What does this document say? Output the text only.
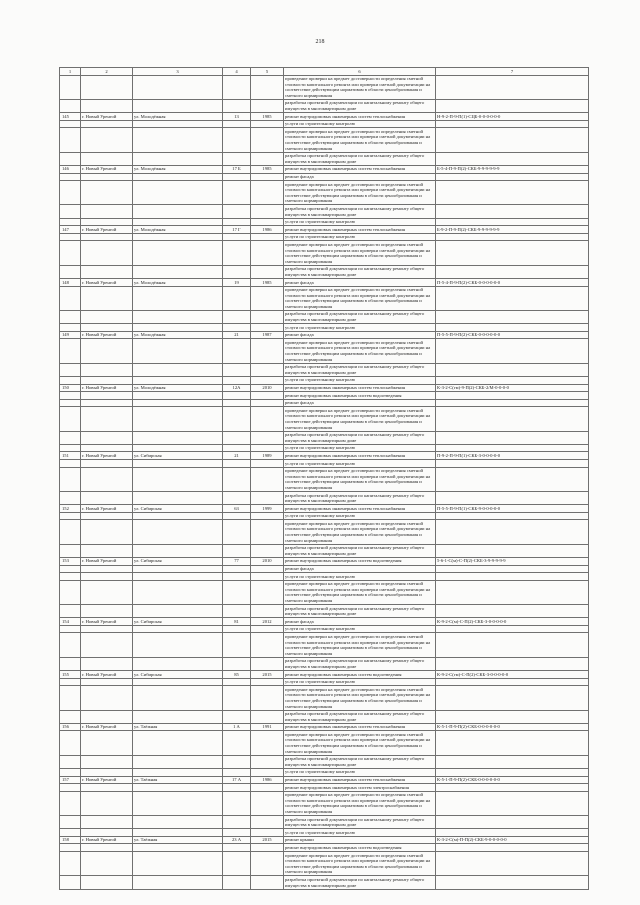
218
1	2	3	4	5	6	7
					проведение проверки на предмет достоверности определения сметной стоимости капитального ремонта или проверки сметной документации на соответствие действующим нормативам в области ценообразования и сметного нормирования	
					разработка проектной документации по капитальному ремонту общего имущества в многоквартирном доме	
145	г. Новый Уренгой	ул. Молодёжная	13	1985	ремонт внутридомовых инженерных систем теплоснабжения	Н-9-2-П-9-П(1)-СЦБ-0-0-0-0-0-0
					услуги по строительному контролю	
					проведение проверки на предмет достоверности определения сметной стоимости капитального ремонта или проверки сметной документации на соответствие действующим нормативам в области ценообразования и сметного нормирования	
					разработка проектной документации по капитальному ремонту общего имущества в многоквартирном доме	
146	г. Новый Уренгой	ул. Молодёжная	17 Б	1985	ремонт внутридомовых инженерных систем теплоснабжения	Б-5-4-П-9-П(2)-СКБ-9-9-9-9-9-9
					ремонт фасада	
					проведение проверки на предмет достоверности определения сметной стоимости капитального ремонта или проверки сметной документации на соответствие действующим нормативам в области ценообразования и сметного нормирования	
					разработка проектной документации по капитальному ремонту общего имущества в многоквартирном доме	
					услуги по строительному контролю	
147	г. Новый Уренгой	ул. Молодёжная	17 Г	1986	ремонт внутридомовых инженерных систем теплоснабжения	Б-9-2-П-9-П(2)-СКБ-9-9-9-9-9-9
					услуги по строительному контролю	
					проведение проверки на предмет достоверности определения сметной стоимости капитального ремонта или проверки сметной документации на соответствие действующим нормативам в области ценообразования и сметного нормирования	
					разработка проектной документации по капитальному ремонту общего имущества в многоквартирном доме	
148	г. Новый Уренгой	ул. Молодёжная	19	1985	ремонт фасада	П-5-4-П-9-П(2)-СКБ-0-0-0-0-0-0
					проведение проверки на предмет достоверности определения сметной стоимости капитального ремонта или проверки сметной документации на соответствие действующим нормативам в области ценообразования и сметного нормирования	
					разработка проектной документации по капитальному ремонту общего имущества в многоквартирном доме	
					услуги по строительному контролю	
149	г. Новый Уренгой	ул. Молодёжная	21	1987	ремонт фасада	П-5-5-П-9-П(2)-СКБ-0-0-0-0-0-0
					проведение проверки на предмет достоверности определения сметной стоимости капитального ремонта или проверки сметной документации на соответствие действующим нормативам в области ценообразования и сметного нормирования	
					разработка проектной документации по капитальному ремонту общего имущества в многоквартирном доме	
					услуги по строительному контролю	
150	г. Новый Уренгой	ул. Молодёжная	12А	2010	ремонт внутридомовых инженерных систем теплоснабжения	К-3-2-С(гм)-9-П(2)-СКБ-2/М-0-0-0-0
					ремонт внутридомовых инженерных систем водоотведения	
					ремонт фасада	
					проведение проверки на предмет достоверности определения сметной стоимости капитального ремонта или проверки сметной документации на соответствие действующим нормативам в области ценообразования и сметного нормирования	
					разработка проектной документации по капитальному ремонту общего имущества в многоквартирном доме	
					услуги по строительному контролю	
151	г. Новый Уренгой	ул. Сибирская	21	1989	ремонт внутридомовых инженерных систем теплоснабжения	П-9-2-П-9-П(1)-СКБ-3-0-0-0-0-0
					услуги по строительному контролю	
					проведение проверки на предмет достоверности определения сметной стоимости капитального ремонта или проверки сметной документации на соответствие действующим нормативам в области ценообразования и сметного нормирования	
					разработка проектной документации по капитальному ремонту общего имущества в многоквартирном доме	
152	г. Новый Уренгой	ул. Сибирская	63	1999	ремонт внутридомовых инженерных систем теплоснабжения	П-5-5-П-9-П(1)-СКБ-9-0-0-0-0-0
					услуги по строительному контролю	
					проведение проверки на предмет достоверности определения сметной стоимости капитального ремонта или проверки сметной документации на соответствие действующим нормативам в области ценообразования и сметного нормирования	
					разработка проектной документации по капитальному ремонту общего имущества в многоквартирном доме	
153	г. Новый Уренгой	ул. Сибирская	77	2010	ремонт внутридомовых инженерных систем водоотведения	5-6-1-С(м)-С-П(2)-СКБ-3-9-9-9-9-9
					ремонт фасада	
					услуги по строительному контролю	
					проведение проверки на предмет достоверности определения сметной стоимости капитального ремонта или проверки сметной документации на соответствие действующим нормативам в области ценообразования и сметного нормирования	
					разработка проектной документации по капитальному ремонту общего имущества в многоквартирном доме	
154	г. Новый Уренгой	ул. Сибирская	81	2012	ремонт фасада	К-9-2-С(м)-С-П(2)-СКБ-3-0-0-0-0-0
					услуги по строительному контролю	
					проведение проверки на предмет достоверности определения сметной стоимости капитального ремонта или проверки сметной документации на соответствие действующим нормативам в области ценообразования и сметного нормирования	
					разработка проектной документации по капитальному ремонту общего имущества в многоквартирном доме	
155	г. Новый Уренгой	ул. Сибирская	85	2015	ремонт внутридомовых инженерных систем водоотведения	К-9-2-С(гм)-С-П(2)-СКБ-3-0-0-0-0-0
					услуги по строительному контролю	
					проведение проверки на предмет достоверности определения сметной стоимости капитального ремонта или проверки сметной документации на соответствие действующим нормативам в области ценообразования и сметного нормирования	
					разработка проектной документации по капитальному ремонту общего имущества в многоквартирном доме	
156	г. Новый Уренгой	ул. Таёжная	1 А	1991	ремонт внутридомовых инженерных систем теплоснабжения	К-5-1-П-9-П(2)-СКБ-0-0-0-0-0-0
					проведение проверки на предмет достоверности определения сметной стоимости капитального ремонта или проверки сметной документации на соответствие действующим нормативам в области ценообразования и сметного нормирования	
					разработка проектной документации по капитальному ремонту общего имущества в многоквартирном доме	
					услуги по строительному контролю	
157	г. Новый Уренгой	ул. Таёжная	17 А	1986	ремонт внутридомовых инженерных систем теплоснабжения	К-5-1-П-9-П(2)-СКБ-0-0-0-0-0-0
					ремонт внутридомовых инженерных систем электроснабжения	
					проведение проверки на предмет достоверности определения сметной стоимости капитального ремонта или проверки сметной документации на соответствие действующим нормативам в области ценообразования и сметного нормирования	
					разработка проектной документации по капитальному ремонту общего имущества в многоквартирном доме	
					услуги по строительному контролю	
158	г. Новый Уренгой	ул. Таёжная	23 А	2015	ремонт крыши	К-3-2-С(м)-П-П(2)-СКБ-9-0-0-0-0-0
					ремонт внутридомовых инженерных систем водоотведения	
					проведение проверки на предмет достоверности определения сметной стоимости капитального ремонта или проверки сметной документации на соответствие действующим нормативам в области ценообразования и сметного нормирования	
					разработка проектной документации по капитальному ремонту общего имущества в многоквартирном доме	
